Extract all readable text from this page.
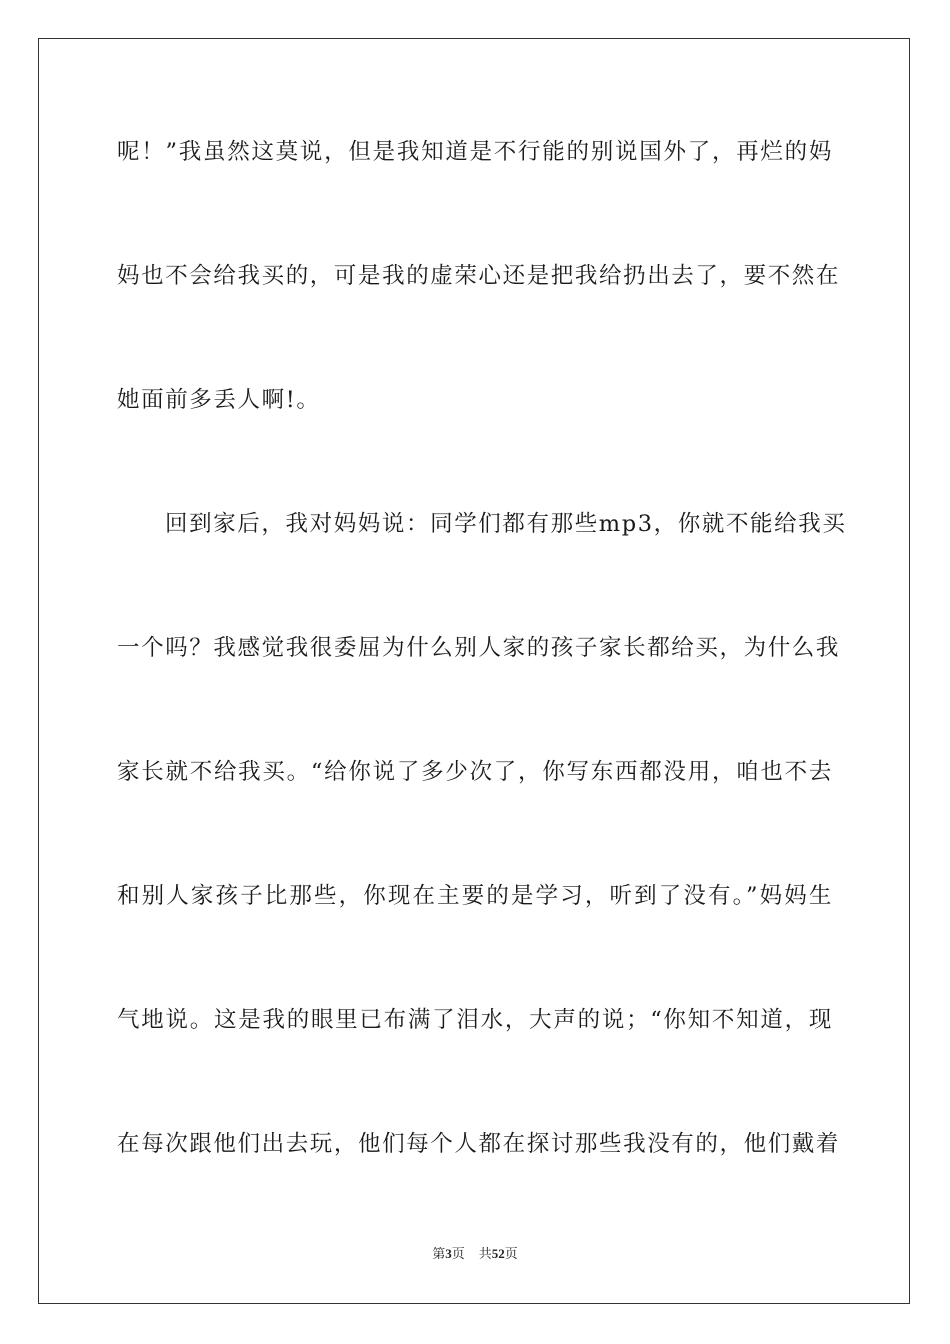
呢！”我虽然这莫说，但是我知道是不行能的别说国外了，再烂的妈
妈也不会给我买的，可是我的虚荣心还是把我给扔出去了，要不然在
她面前多丢人啊!。
回到家后，我对妈妈说：同学们都有那些mp3，你就不能给我买
一个吗？我感觉我很委屈为什么别人家的孩子家长都给买，为什么我
家长就不给我买。“给你说了多少次了，你写东西都没用，咱也不去
和别人家孩子比那些，你现在主要的是学习，听到了没有。”妈妈生
气地说。这是我的眼里已布满了泪水，大声的说；“你知不知道，现
在每次跟他们出去玩，他们每个人都在探讨那些我没有的，他们戴着
第3页 共52页
